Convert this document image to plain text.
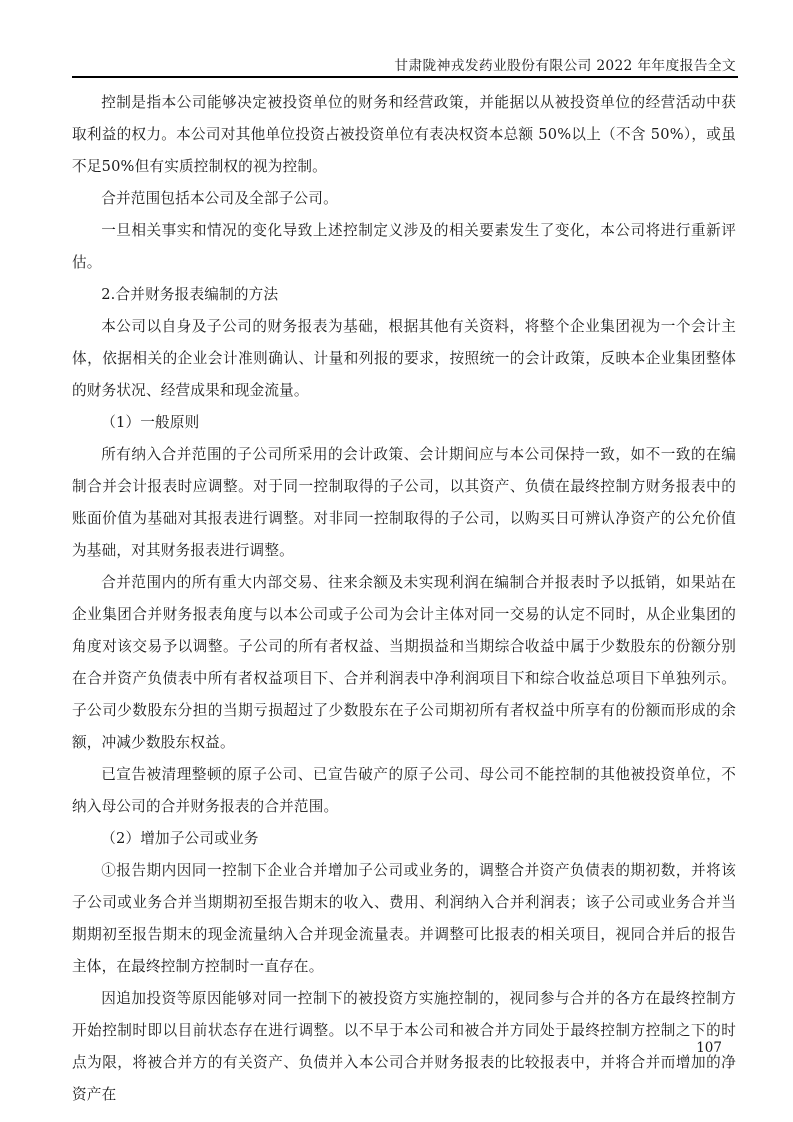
甘肃陇神戎发药业股份有限公司 2022 年年度报告全文

控制是指本公司能够决定被投资单位的财务和经营政策，并能据以从被投资单位的经营活动中获取利益的权力。本公司对其他单位投资占被投资单位有表决权资本总额 50%以上（不含 50%），或虽不足50%但有实质控制权的视为控制。

合并范围包括本公司及全部子公司。

一旦相关事实和情况的变化导致上述控制定义涉及的相关要素发生了变化，本公司将进行重新评估。

2.合并财务报表编制的方法

本公司以自身及子公司的财务报表为基础，根据其他有关资料，将整个企业集团视为一个会计主体，依据相关的企业会计准则确认、计量和列报的要求，按照统一的会计政策，反映本企业集团整体的财务状况、经营成果和现金流量。

（1）一般原则

所有纳入合并范围的子公司所采用的会计政策、会计期间应与本公司保持一致，如不一致的在编制合并会计报表时应调整。对于同一控制取得的子公司，以其资产、负债在最终控制方财务报表中的账面价值为基础对其报表进行调整。对非同一控制取得的子公司，以购买日可辨认净资产的公允价值为基础，对其财务报表进行调整。

合并范围内的所有重大内部交易、往来余额及未实现利润在编制合并报表时予以抵销，如果站在企业集团合并财务报表角度与以本公司或子公司为会计主体对同一交易的认定不同时，从企业集团的角度对该交易予以调整。子公司的所有者权益、当期损益和当期综合收益中属于少数股东的份额分别在合并资产负债表中所有者权益项目下、合并利润表中净利润项目下和综合收益总项目下单独列示。子公司少数股东分担的当期亏损超过了少数股东在子公司期初所有者权益中所享有的份额而形成的余额，冲减少数股东权益。

已宣告被清理整顿的原子公司、已宣告破产的原子公司、母公司不能控制的其他被投资单位，不纳入母公司的合并财务报表的合并范围。

（2）增加子公司或业务

①报告期内因同一控制下企业合并增加子公司或业务的，调整合并资产负债表的期初数，并将该子公司或业务合并当期期初至报告期末的收入、费用、利润纳入合并利润表；该子公司或业务合并当期期初至报告期末的现金流量纳入合并现金流量表。并调整可比报表的相关项目，视同合并后的报告主体，在最终控制方控制时一直存在。

因追加投资等原因能够对同一控制下的被投资方实施控制的，视同参与合并的各方在最终控制方开始控制时即以目前状态存在进行调整。以不早于本公司和被合并方同处于最终控制方控制之下的时点为限，将被合并方的有关资产、负债并入本公司合并财务报表的比较报表中，并将合并而增加的净资产在

107
